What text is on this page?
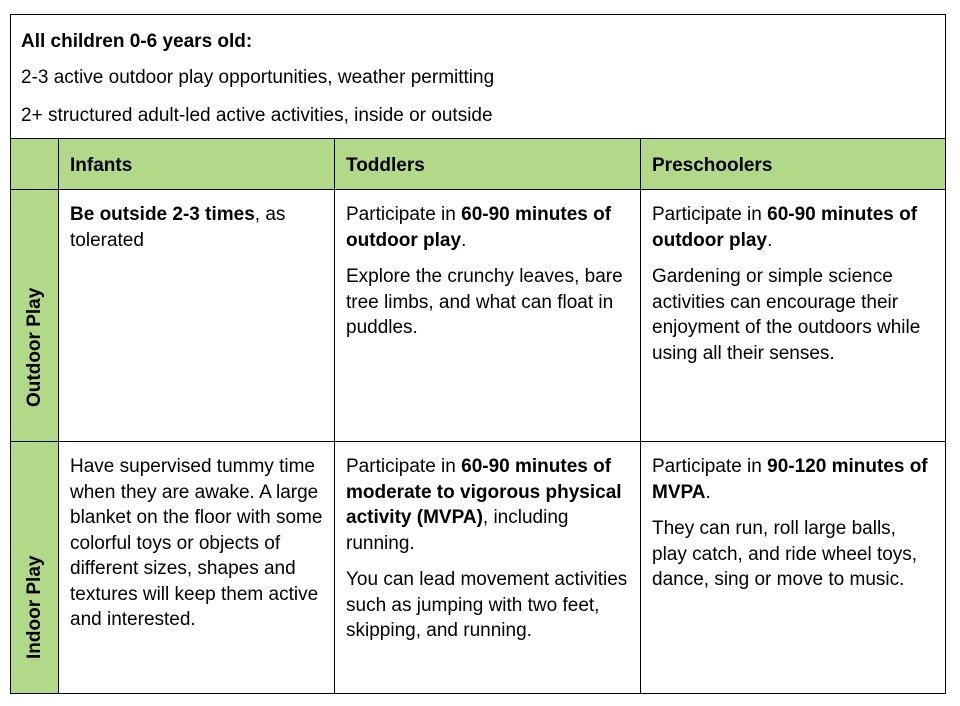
All children 0-6 years old:

2-3 active outdoor play opportunities, weather permitting

2+ structured adult-led active activities, inside or outside

Infants	Toddlers	Preschoolers
Outdoor Play

Be outside 2-3 times, as tolerated

Participate in 60-90 minutes of outdoor play.

Explore the crunchy leaves, bare tree limbs, and what can float in puddles.

Participate in 60-90 minutes of outdoor play.

Gardening or simple science activities can encourage their enjoyment of the outdoors while using all their senses.

Indoor Play

Have supervised tummy time when they are awake. A large blanket on the floor with some colorful toys or objects of different sizes, shapes and textures will keep them active and interested.

Participate in 60-90 minutes of moderate to vigorous physical activity (MVPA), including running.

You can lead movement activities such as jumping with two feet, skipping, and running.

Participate in 90-120 minutes of MVPA.

They can run, roll large balls, play catch, and ride wheel toys, dance, sing or move to music.
